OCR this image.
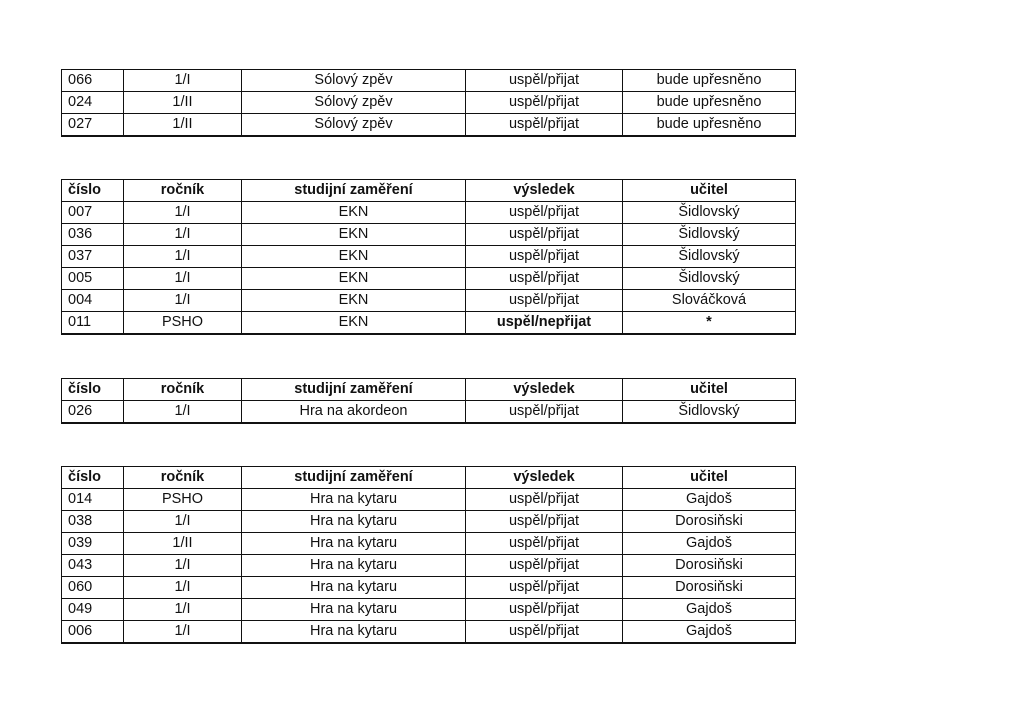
066	1/I	Sólový zpěv	uspěl/přijat	bude upřesněno
024	1/II	Sólový zpěv	uspěl/přijat	bude upřesněno
027	1/II	Sólový zpěv	uspěl/přijat	bude upřesněno
číslo	ročník	studijní zaměření	výsledek	učitel
007	1/I	EKN	uspěl/přijat	Šidlovský
036	1/I	EKN	uspěl/přijat	Šidlovský
037	1/I	EKN	uspěl/přijat	Šidlovský
005	1/I	EKN	uspěl/přijat	Šidlovský
004	1/I	EKN	uspěl/přijat	Slováčková
011	PSHO	EKN	uspěl/nepřijat	*
číslo	ročník	studijní zaměření	výsledek	učitel
026	1/I	Hra na akordeon	uspěl/přijat	Šidlovský
číslo	ročník	studijní zaměření	výsledek	učitel
014	PSHO	Hra na kytaru	uspěl/přijat	Gajdoš
038	1/I	Hra na kytaru	uspěl/přijat	Dorosiňski
039	1/II	Hra na kytaru	uspěl/přijat	Gajdoš
043	1/I	Hra na kytaru	uspěl/přijat	Dorosiňski
060	1/I	Hra na kytaru	uspěl/přijat	Dorosiňski
049	1/I	Hra na kytaru	uspěl/přijat	Gajdoš
006	1/I	Hra na kytaru	uspěl/přijat	Gajdoš
